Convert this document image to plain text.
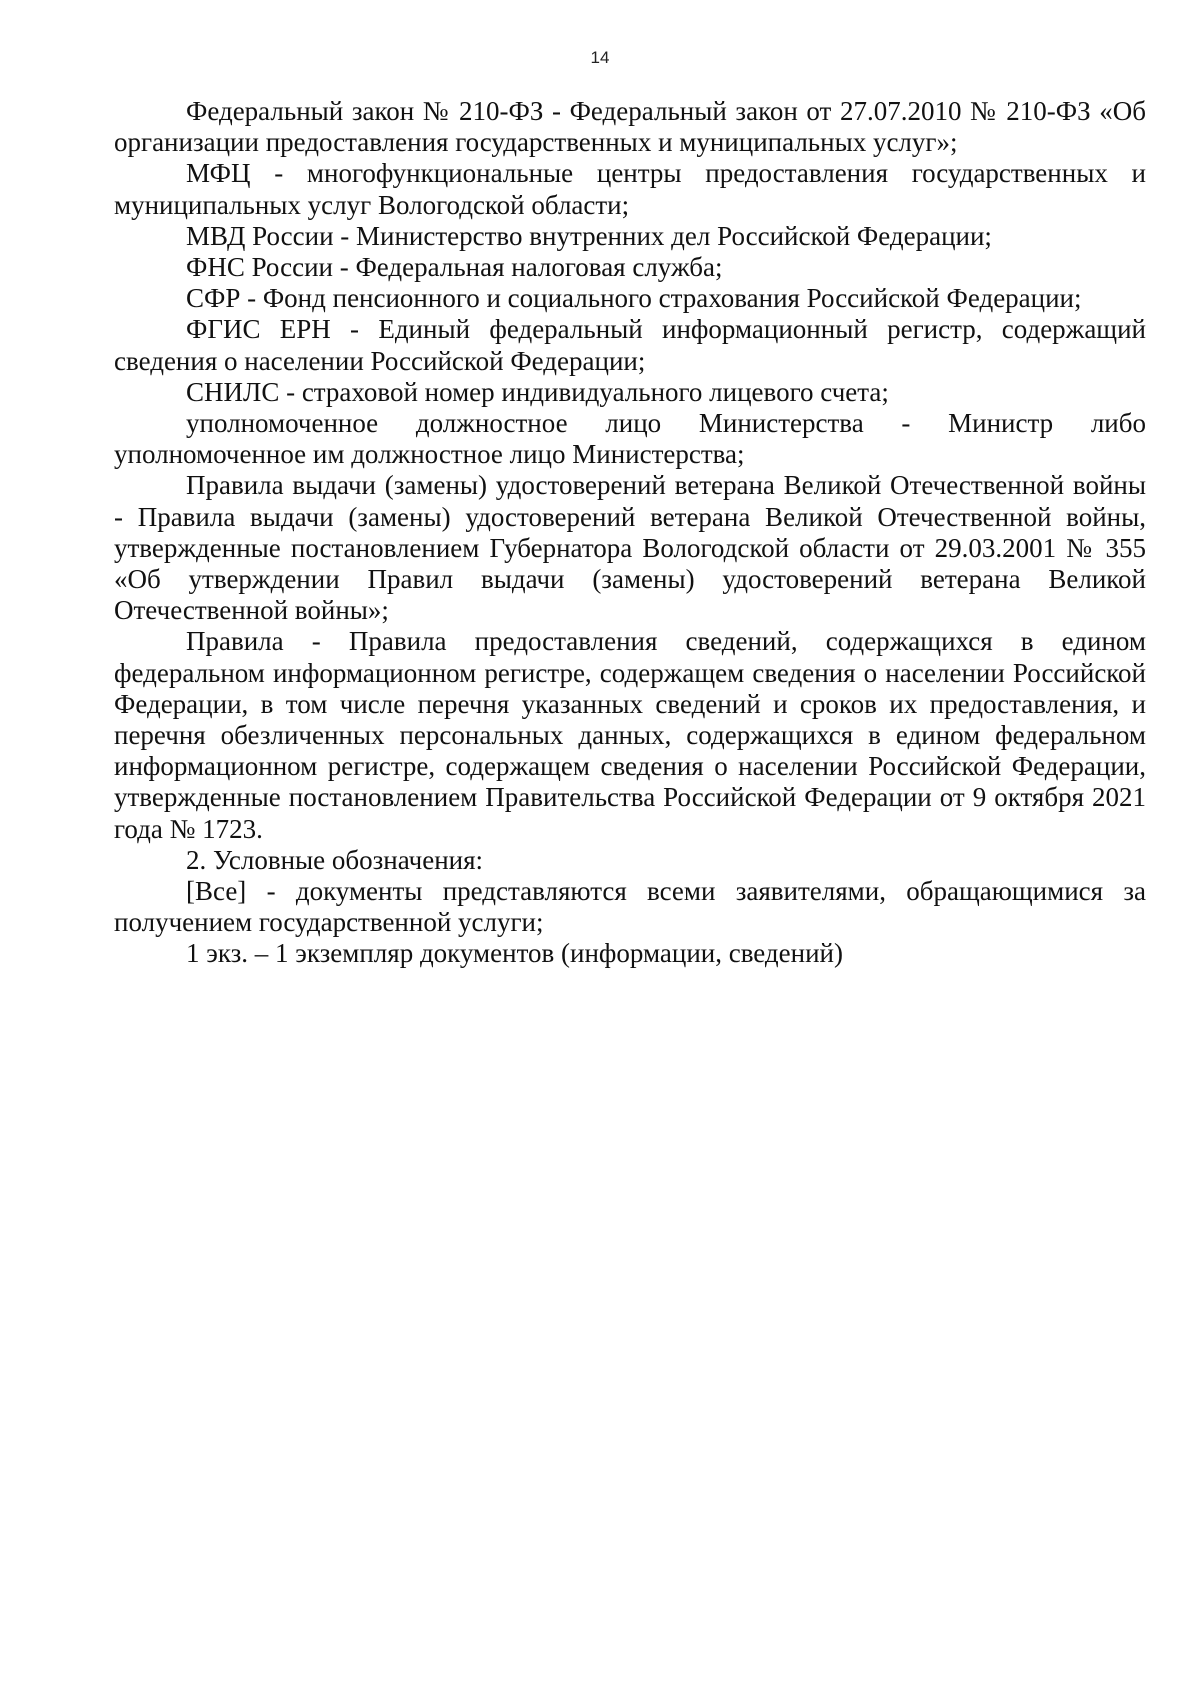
14

Федеральный закон № 210-ФЗ - Федеральный закон от 27.07.2010 № 210-ФЗ «Об организации предоставления государственных и муниципальных услуг»;

МФЦ - многофункциональные центры предоставления государственных и муниципальных услуг Вологодской области;

МВД России - Министерство внутренних дел Российской Федерации;

ФНС России - Федеральная налоговая служба;

СФР - Фонд пенсионного и социального страхования Российской Федерации;

ФГИС ЕРН - Единый федеральный информационный регистр, содержащий сведения о населении Российской Федерации;

СНИЛС - страховой номер индивидуального лицевого счета;

уполномоченное должностное лицо Министерства - Министр либо уполномоченное им должностное лицо Министерства;

Правила выдачи (замены) удостоверений ветерана Великой Отечественной войны - Правила выдачи (замены) удостоверений ветерана Великой Отечественной войны, утвержденные постановлением Губернатора Вологодской области от 29.03.2001 № 355 «Об утверждении Правил выдачи (замены) удостоверений ветерана Великой Отечественной войны»;

Правила - Правила предоставления сведений, содержащихся в едином федеральном информационном регистре, содержащем сведения о населении Российской Федерации, в том числе перечня указанных сведений и сроков их предоставления, и перечня обезличенных персональных данных, содержащихся в едином федеральном информационном регистре, содержащем сведения о населении Российской Федерации, утвержденные постановлением Правительства Российской Федерации от 9 октября 2021 года № 1723.

2. Условные обозначения:

[Все] - документы представляются всеми заявителями, обращающимися за получением государственной услуги;

1 экз. – 1 экземпляр документов (информации, сведений)
